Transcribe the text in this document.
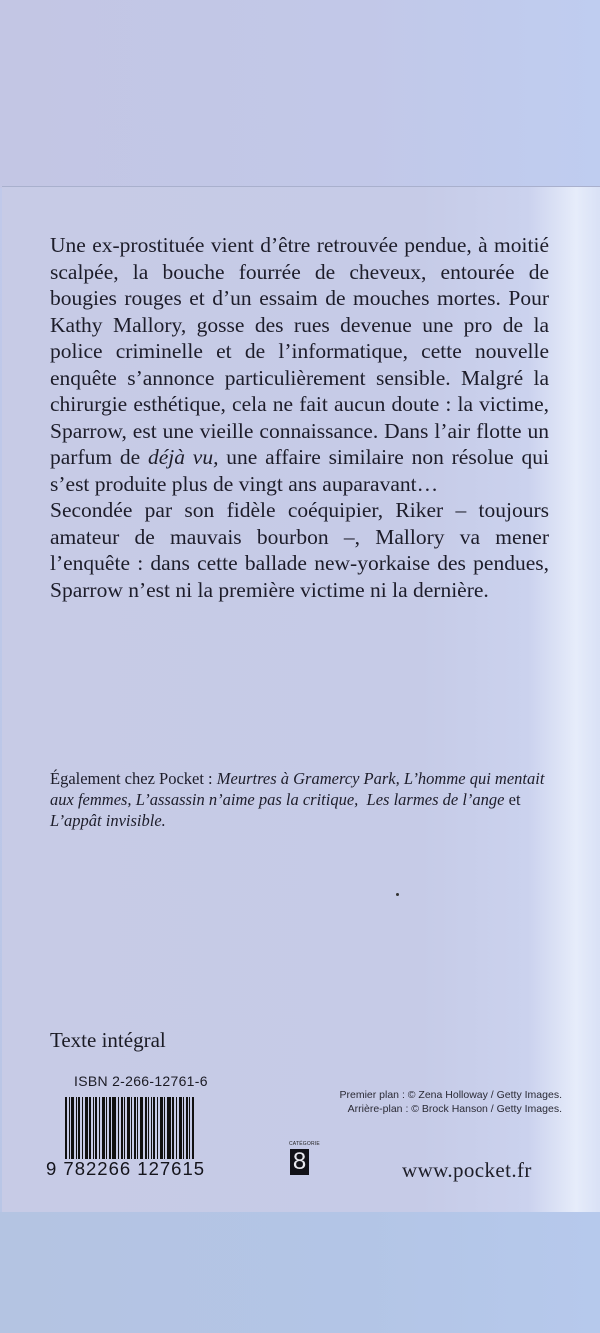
Une ex-prostituée vient d’être retrouvée pendue, à moitié scalpée, la bouche fourrée de cheveux, entourée de bougies rouges et d’un essaim de mouches mortes. Pour Kathy Mallory, gosse des rues devenue une pro de la police criminelle et de l’informatique, cette nouvelle enquête s’annonce particulièrement sensible. Malgré la chirurgie esthétique, cela ne fait aucun doute : la victime, Sparrow, est une vieille connaissance. Dans l’air flotte un parfum de déjà vu, une affaire similaire non résolue qui s’est produite plus de vingt ans auparavant…

Secondée par son fidèle coéquipier, Riker – toujours amateur de mauvais bourbon –, Mallory va mener l’enquête : dans cette ballade new-yorkaise des pendues, Sparrow n’est ni la première victime ni la dernière.

Également chez Pocket : Meurtres à Gramercy Park, L’homme qui mentait aux femmes, L’assassin n’aime pas la critique, Les larmes de l’ange et L’appât invisible.
Texte intégral
ISBN 2-266-12761-6
9 782266 127615
Premier plan : © Zena Holloway / Getty Images.
Arrière-plan : © Brock Hanson / Getty Images.
CATÉGORIE
8	www.pocket.fr
